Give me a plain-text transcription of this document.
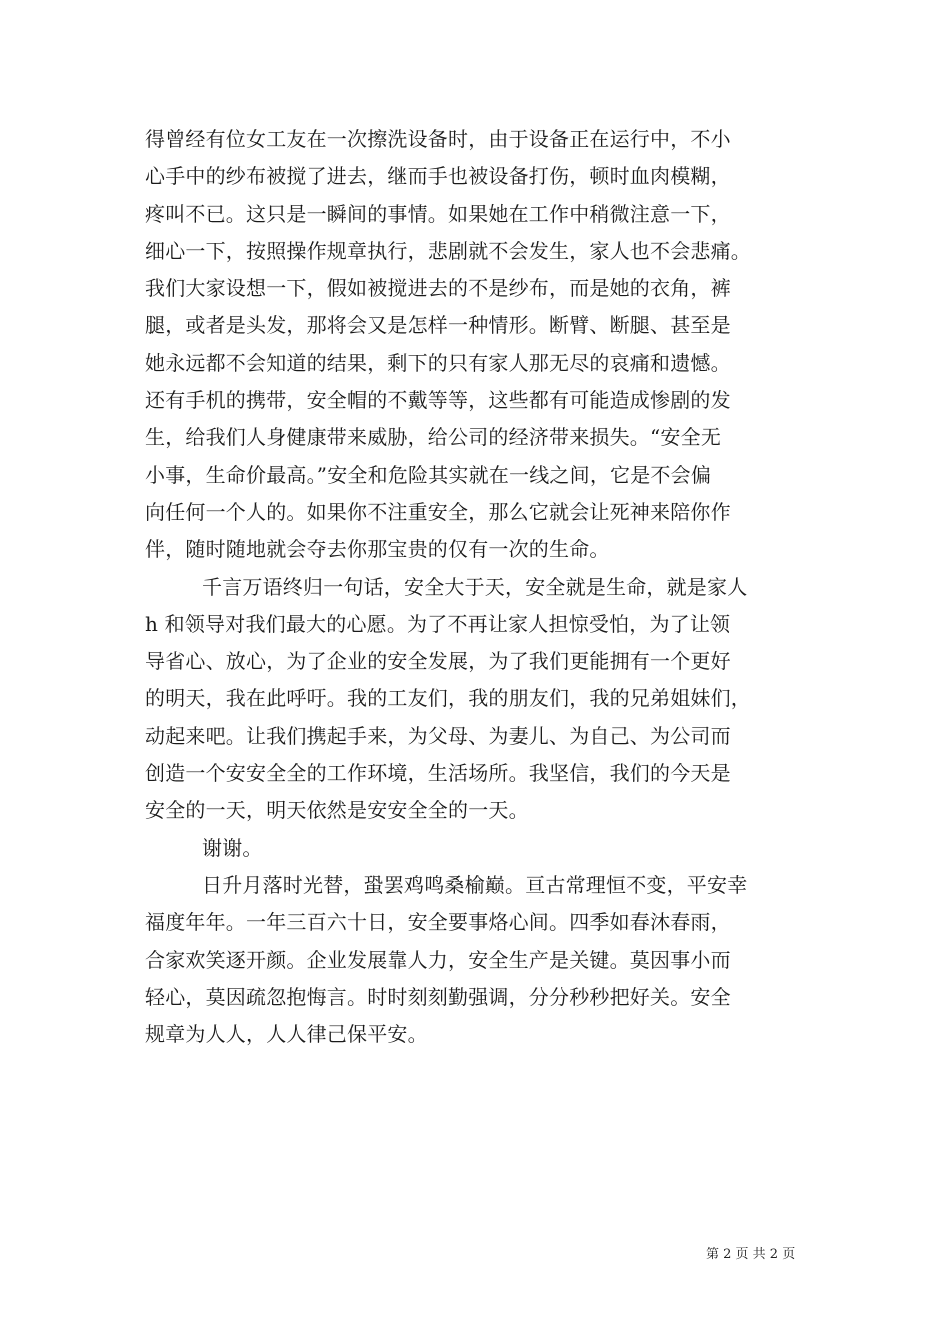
得曾经有位女工友在一次擦洗设备时，由于设备正在运行中，不小
心手中的纱布被搅了进去，继而手也被设备打伤，顿时血肉模糊，
疼叫不已。这只是一瞬间的事情。如果她在工作中稍微注意一下，
细心一下，按照操作规章执行，悲剧就不会发生，家人也不会悲痛。
我们大家设想一下，假如被搅进去的不是纱布，而是她的衣角，裤
腿，或者是头发，那将会又是怎样一种情形。断臂、断腿、甚至是
她永远都不会知道的结果，剩下的只有家人那无尽的哀痛和遗憾。
还有手机的携带，安全帽的不戴等等，这些都有可能造成惨剧的发
生，给我们人身健康带来威胁，给公司的经济带来损失。“安全无
小事，生命价最高。”安全和危险其实就在一线之间，它是不会偏
向任何一个人的。如果你不注重安全，那么它就会让死神来陪你作
伴，随时随地就会夺去你那宝贵的仅有一次的生命。
千言万语终归一句话，安全大于天，安全就是生命，就是家人
h 和领导对我们最大的心愿。为了不再让家人担惊受怕，为了让领
导省心、放心，为了企业的安全发展，为了我们更能拥有一个更好
的明天，我在此呼吁。我的工友们，我的朋友们，我的兄弟姐妹们，
动起来吧。让我们携起手来，为父母、为妻儿、为自己、为公司而
创造一个安安全全的工作环境，生活场所。我坚信，我们的今天是
安全的一天，明天依然是安安全全的一天。
谢谢。
日升月落时光替，蛩罢鸡鸣桑榆巅。亘古常理恒不变，平安幸
福度年年。一年三百六十日，安全要事烙心间。四季如春沐春雨，
合家欢笑逐开颜。企业发展靠人力，安全生产是关键。莫因事小而
轻心，莫因疏忽抱悔言。时时刻刻勤强调，分分秒秒把好关。安全
规章为人人，人人律己保平安。
第 2 页 共 2 页
